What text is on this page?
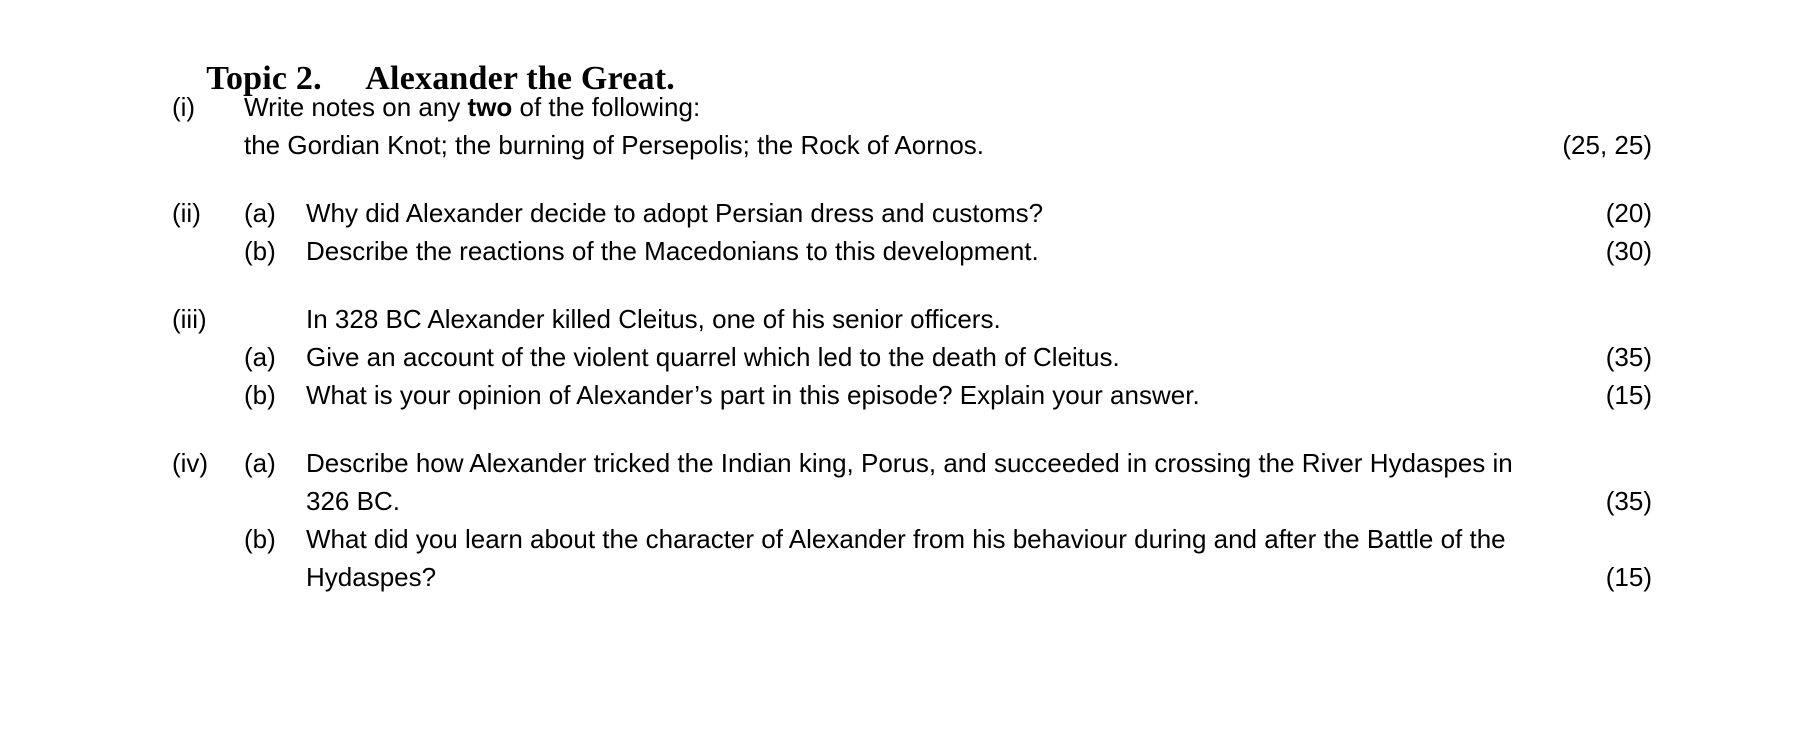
Topic 2. Alexander the Great.

(i)	Write notes on any two of the following:
the Gordian Knot; the burning of Persepolis; the Rock of Aornos.	(25, 25)
(ii)	(a)	Why did Alexander decide to adopt Persian dress and customs?	(20)
(b)	Describe the reactions of the Macedonians to this development.	(30)
(iii)	In 328 BC Alexander killed Cleitus, one of his senior officers.
(a)	Give an account of the violent quarrel which led to the death of Cleitus.	(35)
(b)	What is your opinion of Alexander’s part in this episode? Explain your answer.	(15)
(iv)	(a)	Describe how Alexander tricked the Indian king, Porus, and succeeded in crossing the River Hydaspes in 326 BC.	(35)
(b)	What did you learn about the character of Alexander from his behaviour during and after the Battle of the Hydaspes?	(15)
